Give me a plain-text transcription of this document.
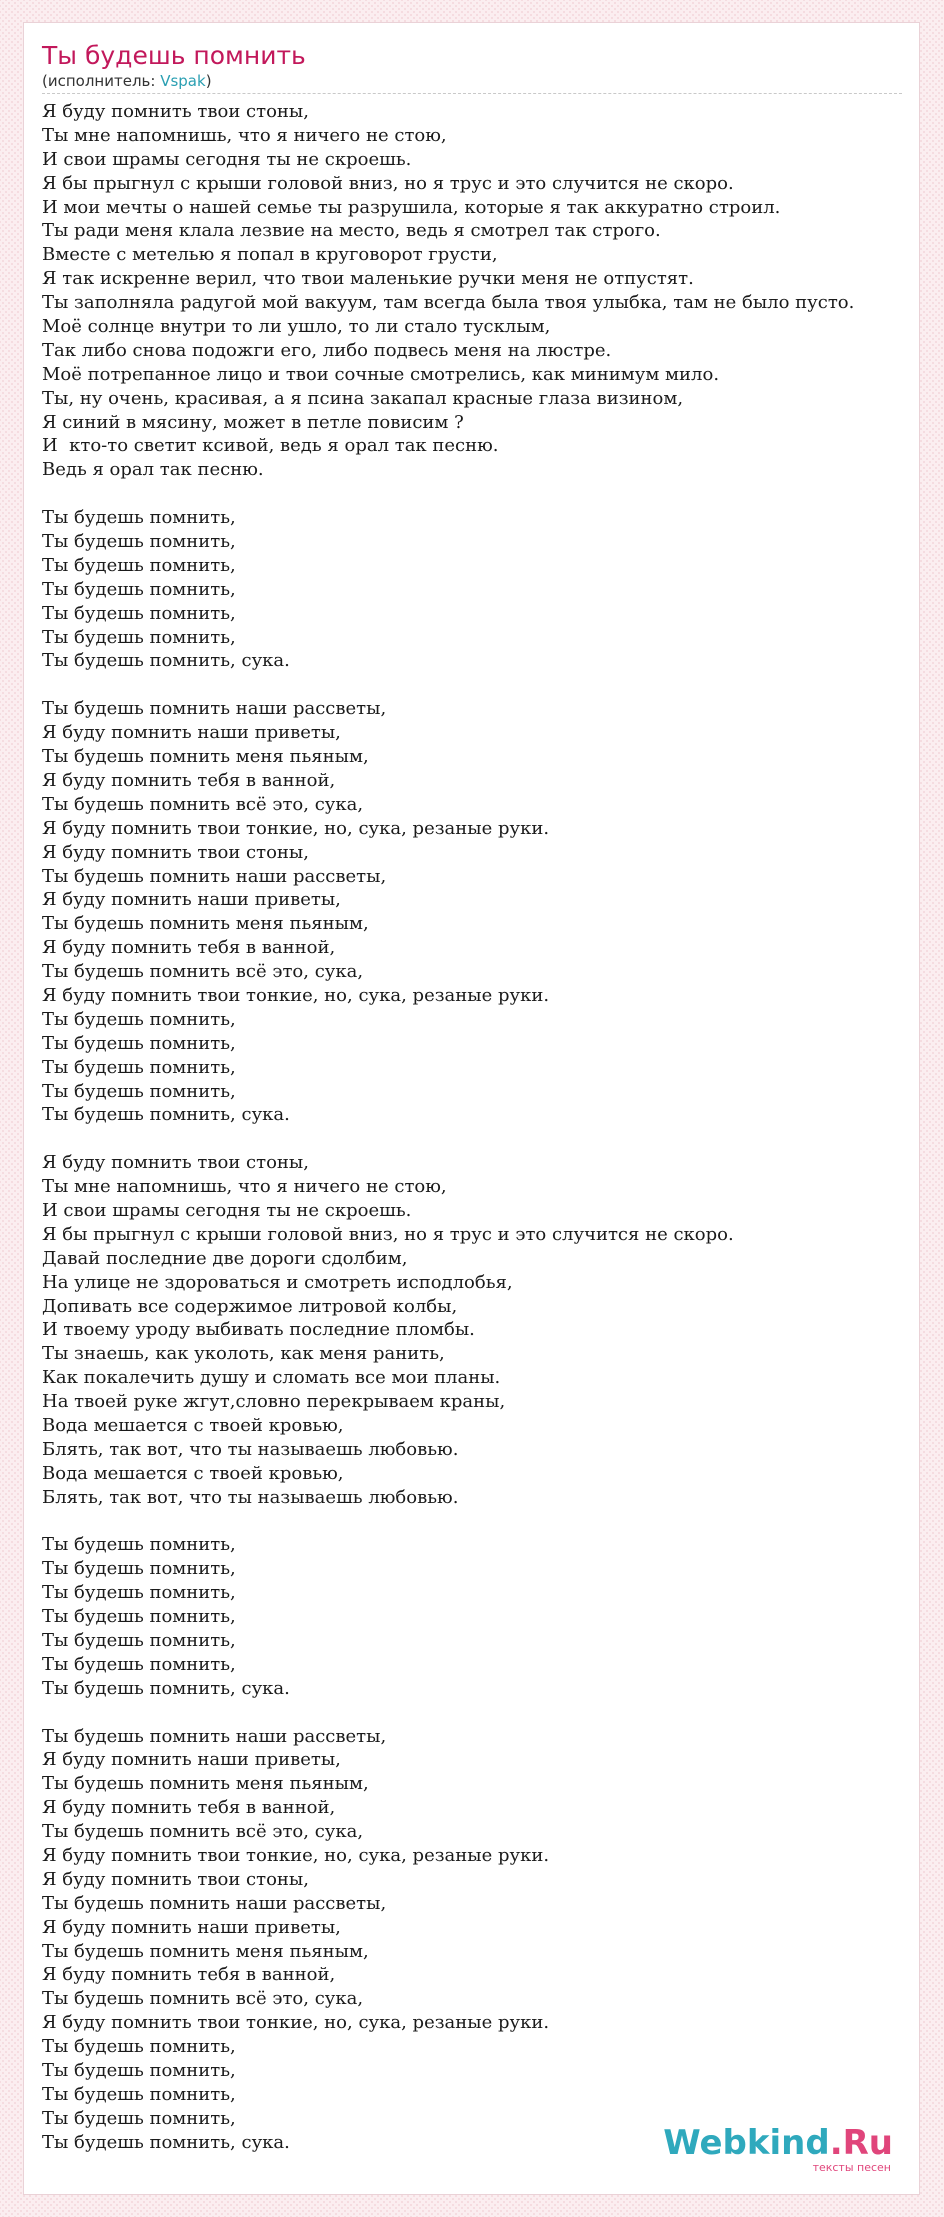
Ты будешь помнить
(исполнитель: Vspak)
Я буду помнить твои стоны,
Ты мне напомнишь, что я ничего не стою,
И свои шрамы сегодня ты не скроешь.
Я бы прыгнул с крыши головой вниз, но я трус и это случится не скоро.
И мои мечты о нашей семье ты разрушила, которые я так аккуратно строил.
Ты ради меня клала лезвие на место, ведь я смотрел так строго.
Вместе с метелью я попал в круговорот грусти,
Я так искренне верил, что твои маленькие ручки меня не отпустят.
Ты заполняла радугой мой вакуум, там всегда была твоя улыбка, там не было пусто.
Моё солнце внутри то ли ушло, то ли стало тусклым,
Так либо снова подожги его, либо подвесь меня на люстре.
Моё потрепанное лицо и твои сочные смотрелись, как минимум мило.
Ты, ну очень, красивая, а я псина закапал красные глаза визином,
Я синий в мясину, может в петле повисим ?
И  кто-то светит ксивой, ведь я орал так песню.
Ведь я орал так песню.
Ты будешь помнить,
Ты будешь помнить,
Ты будешь помнить,
Ты будешь помнить,
Ты будешь помнить,
Ты будешь помнить,
Ты будешь помнить, сука.
Ты будешь помнить наши рассветы,
Я буду помнить наши приветы,
Ты будешь помнить меня пьяным,
Я буду помнить тебя в ванной,
Ты будешь помнить всё это, сука,
Я буду помнить твои тонкие, но, сука, резаные руки.
Я буду помнить твои стоны,
Ты будешь помнить наши рассветы,
Я буду помнить наши приветы,
Ты будешь помнить меня пьяным,
Я буду помнить тебя в ванной,
Ты будешь помнить всё это, сука,
Я буду помнить твои тонкие, но, сука, резаные руки.
Ты будешь помнить,
Ты будешь помнить,
Ты будешь помнить,
Ты будешь помнить,
Ты будешь помнить, сука.
Я буду помнить твои стоны,
Ты мне напомнишь, что я ничего не стою,
И свои шрамы сегодня ты не скроешь.
Я бы прыгнул с крыши головой вниз, но я трус и это случится не скоро.
Давай последние две дороги сдолбим,
На улице не здороваться и смотреть исподлобья,
Допивать все содержимое литровой колбы,
И твоему уроду выбивать последние пломбы.
Ты знаешь, как уколоть, как меня ранить,
Как покалечить душу и сломать все мои планы.
На твоей руке жгут,словно перекрываем краны,
Вода мешается с твоей кровью,
Блять, так вот, что ты называешь любовью.
Вода мешается с твоей кровью,
Блять, так вот, что ты называешь любовью.
Ты будешь помнить,
Ты будешь помнить,
Ты будешь помнить,
Ты будешь помнить,
Ты будешь помнить,
Ты будешь помнить,
Ты будешь помнить, сука.
Ты будешь помнить наши рассветы,
Я буду помнить наши приветы,
Ты будешь помнить меня пьяным,
Я буду помнить тебя в ванной,
Ты будешь помнить всё это, сука,
Я буду помнить твои тонкие, но, сука, резаные руки.
Я буду помнить твои стоны,
Ты будешь помнить наши рассветы,
Я буду помнить наши приветы,
Ты будешь помнить меня пьяным,
Я буду помнить тебя в ванной,
Ты будешь помнить всё это, сука,
Я буду помнить твои тонкие, но, сука, резаные руки.
Ты будешь помнить,
Ты будешь помнить,
Ты будешь помнить,
Ты будешь помнить,
Ты будешь помнить, сука.	Webkind.Ru
тексты песен
